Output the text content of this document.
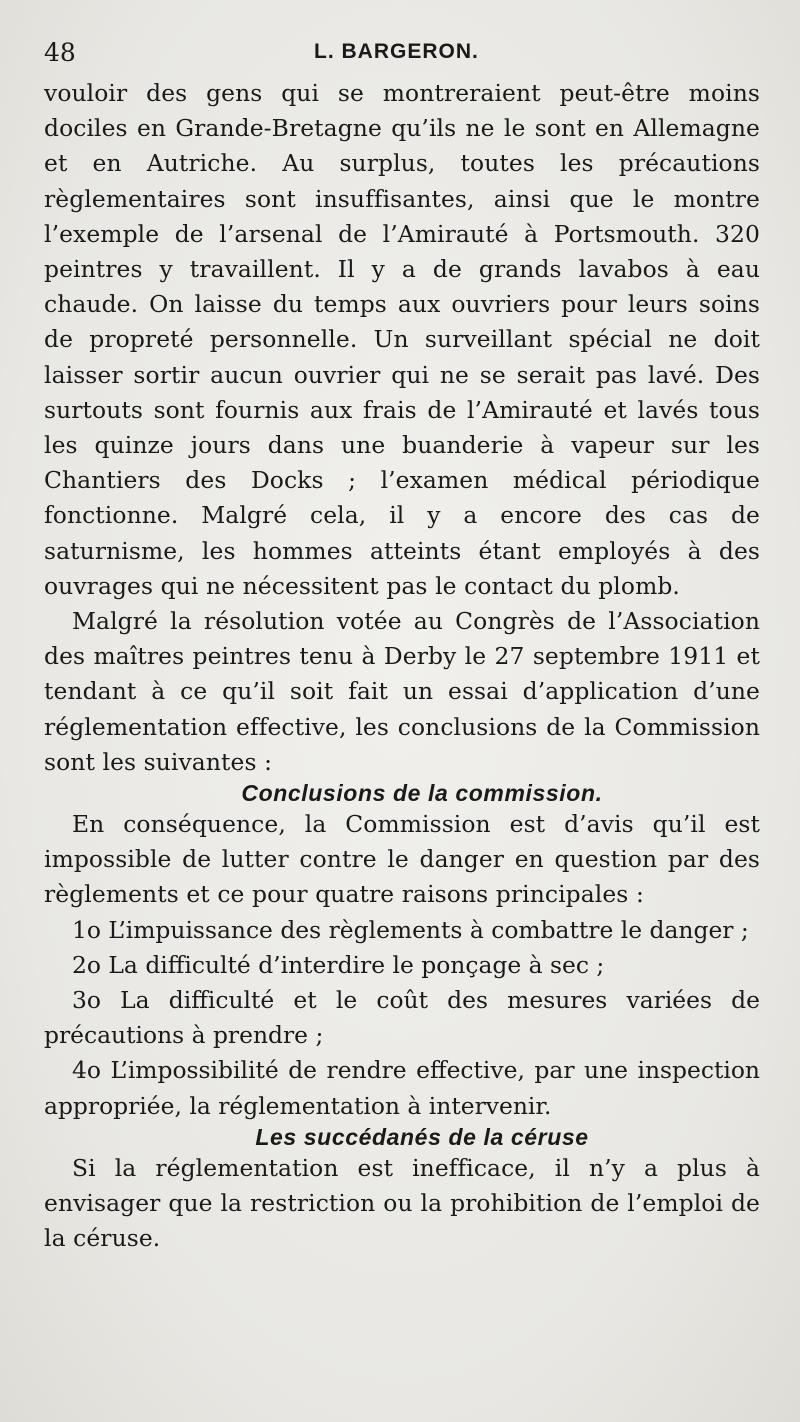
48	L. BARGERON.

vouloir des gens qui se montreraient peut-être moins dociles en Grande-Bretagne qu’ils ne le sont en Allemagne et en Autriche. Au surplus, toutes les précautions règlementaires sont insuffisantes, ainsi que le montre l’exemple de l’arsenal de l’Amirauté à Portsmouth. 320 peintres y travaillent. Il y a de grands lavabos à eau chaude. On laisse du temps aux ouvriers pour leurs soins de propreté personnelle. Un surveillant spécial ne doit laisser sortir aucun ouvrier qui ne se serait pas lavé. Des surtouts sont fournis aux frais de l’Amirauté et lavés tous les quinze jours dans une buanderie à vapeur sur les Chantiers des Docks ; l’examen médical périodique fonctionne. Malgré cela, il y a encore des cas de saturnisme, les hommes atteints étant employés à des ouvrages qui ne nécessitent pas le contact du plomb.

Malgré la résolution votée au Congrès de l’Association des maîtres peintres tenu à Derby le 27 septembre 1911 et tendant à ce qu’il soit fait un essai d’application d’une réglementation effective, les conclusions de la Commission sont les suivantes :

Conclusions de la commission.

En conséquence, la Commission est d’avis qu’il est impossible de lutter contre le danger en question par des règlements et ce pour quatre raisons principales :

1o L’impuissance des règlements à combattre le danger ;

2o La difficulté d’interdire le ponçage à sec ;

3o La difficulté et le coût des mesures variées de précautions à prendre ;

4o L’impossibilité de rendre effective, par une inspection appropriée, la réglementation à intervenir.

Les succédanés de la céruse

Si la réglementation est inefficace, il n’y a plus à envisager que la restriction ou la prohibition de l’emploi de la céruse.
